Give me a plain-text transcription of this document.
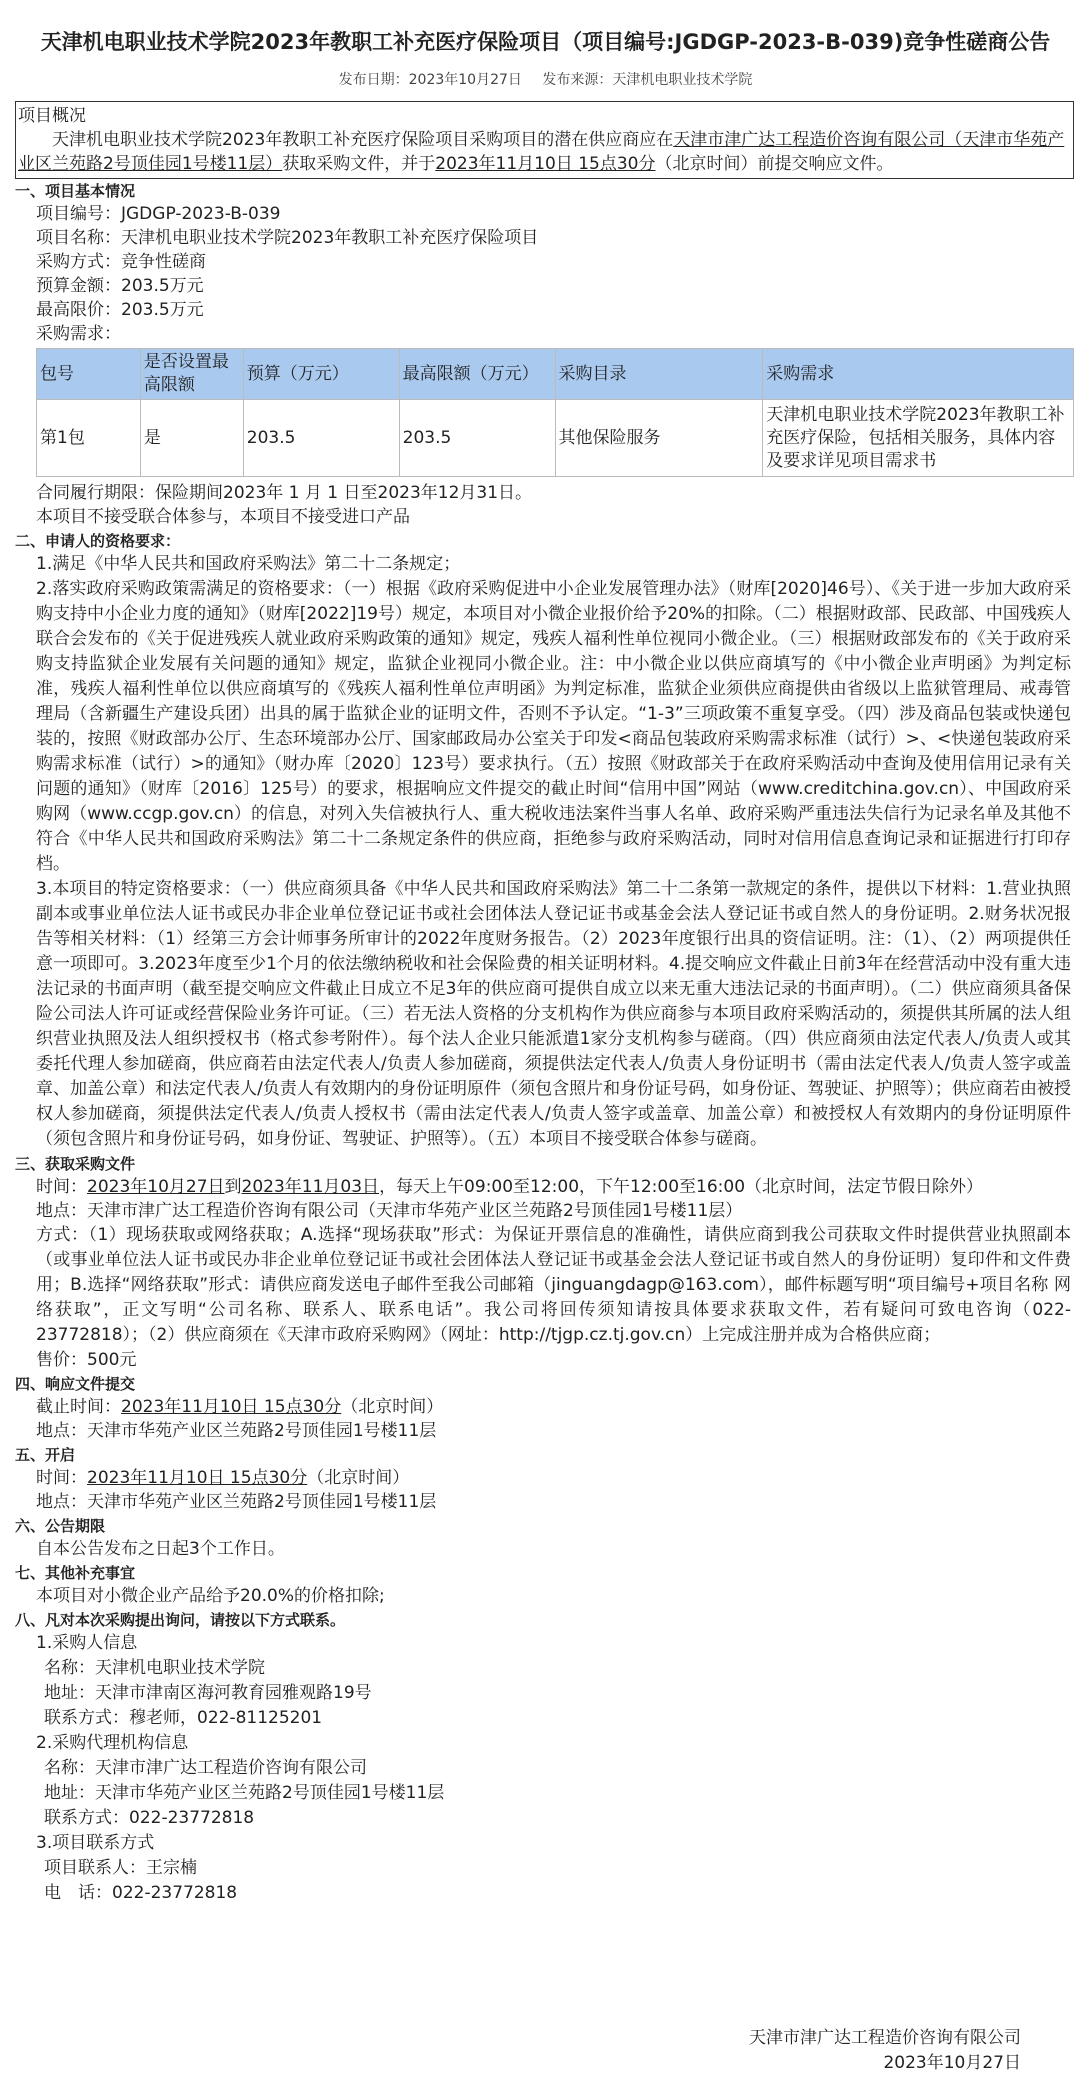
天津机电职业技术学院2023年教职工补充医疗保险项目（项目编号:JGDGP-2023-B-039)竞争性磋商公告
发布日期：2023年10月27日 发布来源：天津机电职业技术学院
项目概况
天津机电职业技术学院2023年教职工补充医疗保险项目采购项目的潜在供应商应在天津市津广达工程造价咨询有限公司（天津市华苑产业区兰苑路2号顶佳园1号楼11层）获取采购文件，并于2023年11月10日 15点30分（北京时间）前提交响应文件。
一、项目基本情况
项目编号：JGDGP-2023-B-039
项目名称：天津机电职业技术学院2023年教职工补充医疗保险项目
采购方式：竞争性磋商
预算金额：203.5万元
最高限价：203.5万元
采购需求：
包号	是否设置最高限额	预算（万元）	最高限额（万元）	采购目录	采购需求
第1包	是	203.5	203.5	其他保险服务	天津机电职业技术学院2023年教职工补充医疗保险，包括相关服务，具体内容及要求详见项目需求书
合同履行期限：保险期间2023年 1 月 1 日至2023年12月31日。
本项目不接受联合体参与，本项目不接受进口产品
二、申请人的资格要求：
1.满足《中华人民共和国政府采购法》第二十二条规定；
2.落实政府采购政策需满足的资格要求：（一）根据《政府采购促进中小企业发展管理办法》（财库[2020]46号）、《关于进一步加大政府采购支持中小企业力度的通知》（财库[2022]19号）规定，本项目对小微企业报价给予20%的扣除。（二）根据财政部、民政部、中国残疾人联合会发布的《关于促进残疾人就业政府采购政策的通知》规定，残疾人福利性单位视同小微企业。（三）根据财政部发布的《关于政府采购支持监狱企业发展有关问题的通知》规定，监狱企业视同小微企业。注：中小微企业以供应商填写的《中小微企业声明函》为判定标准，残疾人福利性单位以供应商填写的《残疾人福利性单位声明函》为判定标准，监狱企业须供应商提供由省级以上监狱管理局、戒毒管理局（含新疆生产建设兵团）出具的属于监狱企业的证明文件，否则不予认定。“1-3”三项政策不重复享受。（四）涉及商品包装或快递包装的，按照《财政部办公厅、生态环境部办公厅、国家邮政局办公室关于印发<商品包装政府采购需求标准（试行）>、<快递包装政府采购需求标准（试行）>的通知》（财办库〔2020〕123号）要求执行。（五）按照《财政部关于在政府采购活动中查询及使用信用记录有关问题的通知》（财库〔2016〕125号）的要求，根据响应文件提交的截止时间“信用中国”网站（www.creditchina.gov.cn）、中国政府采购网（www.ccgp.gov.cn）的信息，对列入失信被执行人、重大税收违法案件当事人名单、政府采购严重违法失信行为记录名单及其他不符合《中华人民共和国政府采购法》第二十二条规定条件的供应商，拒绝参与政府采购活动，同时对信用信息查询记录和证据进行打印存档。
3.本项目的特定资格要求：（一）供应商须具备《中华人民共和国政府采购法》第二十二条第一款规定的条件，提供以下材料：1.营业执照副本或事业单位法人证书或民办非企业单位登记证书或社会团体法人登记证书或基金会法人登记证书或自然人的身份证明。2.财务状况报告等相关材料：（1）经第三方会计师事务所审计的2022年度财务报告。（2）2023年度银行出具的资信证明。注：（1）、（2）两项提供任意一项即可。3.2023年度至少1个月的依法缴纳税收和社会保险费的相关证明材料。4.提交响应文件截止日前3年在经营活动中没有重大违法记录的书面声明（截至提交响应文件截止日成立不足3年的供应商可提供自成立以来无重大违法记录的书面声明）。（二）供应商须具备保险公司法人许可证或经营保险业务许可证。（三）若无法人资格的分支机构作为供应商参与本项目政府采购活动的，须提供其所属的法人组织营业执照及法人组织授权书（格式参考附件）。每个法人企业只能派遣1家分支机构参与磋商。（四）供应商须由法定代表人/负责人或其委托代理人参加磋商，供应商若由法定代表人/负责人参加磋商，须提供法定代表人/负责人身份证明书（需由法定代表人/负责人签字或盖章、加盖公章）和法定代表人/负责人有效期内的身份证明原件（须包含照片和身份证号码，如身份证、驾驶证、护照等）；供应商若由被授权人参加磋商，须提供法定代表人/负责人授权书（需由法定代表人/负责人签字或盖章、加盖公章）和被授权人有效期内的身份证明原件（须包含照片和身份证号码，如身份证、驾驶证、护照等）。（五）本项目不接受联合体参与磋商。
三、获取采购文件
时间：2023年10月27日到2023年11月03日，每天上午09:00至12:00，下午12:00至16:00（北京时间，法定节假日除外）
地点：天津市津广达工程造价咨询有限公司（天津市华苑产业区兰苑路2号顶佳园1号楼11层）
方式：（1）现场获取或网络获取；A.选择“现场获取”形式：为保证开票信息的准确性，请供应商到我公司获取文件时提供营业执照副本（或事业单位法人证书或民办非企业单位登记证书或社会团体法人登记证书或基金会法人登记证书或自然人的身份证明）复印件和文件费用；B.选择“网络获取”形式：请供应商发送电子邮件至我公司邮箱（jinguangdagp@163.com），邮件标题写明“项目编号+项目名称 网络获取”，正文写明“公司名称、联系人、联系电话”。我公司将回传须知请按具体要求获取文件，若有疑问可致电咨询（022-23772818）；（2）供应商须在《天津市政府采购网》（网址：http://tjgp.cz.tj.gov.cn）上完成注册并成为合格供应商；
售价：500元
四、响应文件提交
截止时间：2023年11月10日 15点30分（北京时间）
地点：天津市华苑产业区兰苑路2号顶佳园1号楼11层
五、开启
时间：2023年11月10日 15点30分（北京时间）
地点：天津市华苑产业区兰苑路2号顶佳园1号楼11层
六、公告期限
自本公告发布之日起3个工作日。
七、其他补充事宜
本项目对小微企业产品给予20.0%的价格扣除;
八、凡对本次采购提出询问，请按以下方式联系。
1.采购人信息
名称：天津机电职业技术学院
地址：天津市津南区海河教育园雅观路19号
联系方式：穆老师，022-81125201
2.采购代理机构信息
名称：天津市津广达工程造价咨询有限公司
地址：天津市华苑产业区兰苑路2号顶佳园1号楼11层
联系方式：022-23772818
3.项目联系方式
项目联系人：王宗楠
电　话：022-23772818
天津市津广达工程造价咨询有限公司
2023年10月27日
